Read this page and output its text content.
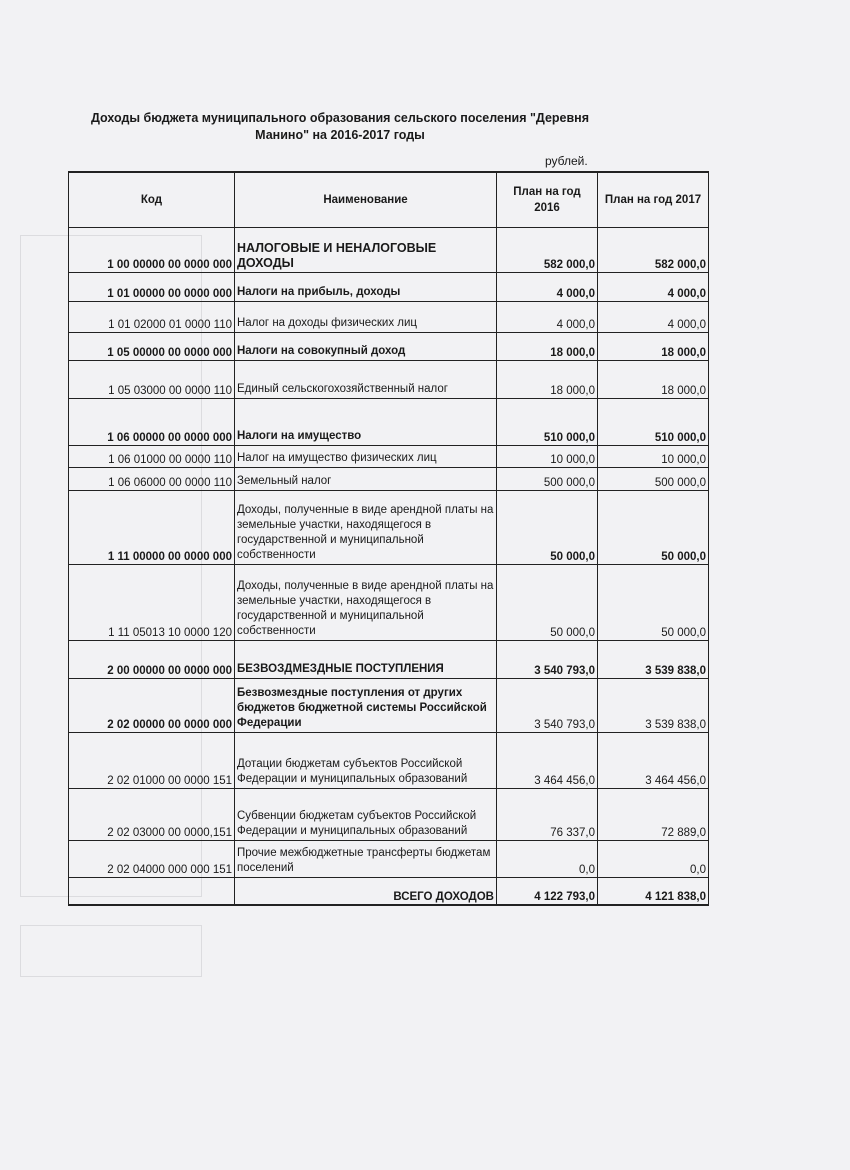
Доходы бюджета муниципального образования сельского поселения "Деревня
Манино" на 2016-2017 годы
рублей.
Код	Наименование	План на год 2016	План на год 2017
1 00 00000 00 0000 000	НАЛОГОВЫЕ И НЕНАЛОГОВЫЕ ДОХОДЫ	582 000,0	582 000,0
1 01 00000 00 0000 000	Налоги на прибыль, доходы	4 000,0	4 000,0
1 01 02000 01 0000 110	Налог на доходы физических лиц	4 000,0	4 000,0
1 05 00000 00 0000 000	Налоги на совокупный доход	18 000,0	18 000,0
1 05 03000 00 0000 110	Единый сельскогохозяйственный налог	18 000,0	18 000,0
1 06 00000 00 0000 000	Налоги на имущество	510 000,0	510 000,0
1 06 01000 00 0000 110	Налог на имущество физических лиц	10 000,0	10 000,0
1 06 06000 00 0000 110	Земельный налог	500 000,0	500 000,0
1 11 00000 00 0000 000	Доходы, полученные в виде арендной платы на земельные участки, находящегося в государственной и муниципальной собственности	50 000,0	50 000,0
1 11 05013 10 0000 120	Доходы, полученные в виде арендной платы на земельные участки, находящегося в государственной и муниципальной собственности	50 000,0	50 000,0
2 00 00000 00 0000 000	БЕЗВОЗДМЕЗДНЫЕ ПОСТУПЛЕНИЯ	3 540 793,0	3 539 838,0
2 02 00000 00 0000 000	Безвозмездные поступления от других бюджетов бюджетной системы Российской Федерации	3 540 793,0	3 539 838,0
2 02 01000 00 0000 151	Дотации бюджетам субъектов Российской Федерации и муниципальных образований	3 464 456,0	3 464 456,0
2 02 03000 00 0000,151	Субвенции бюджетам субъектов Российской Федерации и муниципальных образований	76 337,0	72 889,0
2 02 04000 000 000 151	Прочие межбюджетные трансферты бюджетам поселений	0,0	0,0
	ВСЕГО ДОХОДОВ	4 122 793,0	4 121 838,0
